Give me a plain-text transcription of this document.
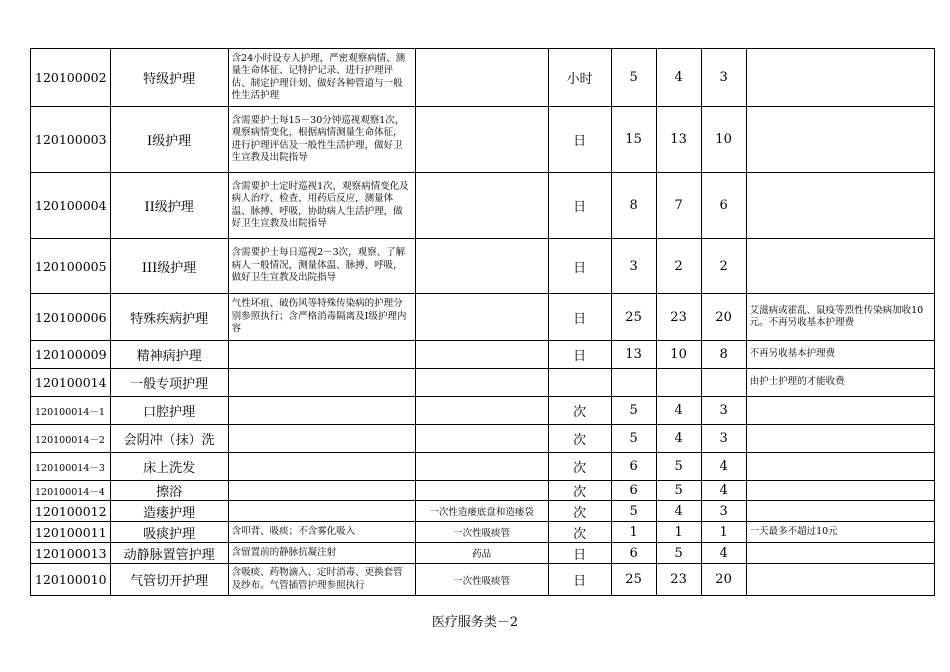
120100002	特级护理	含24小时设专人护理，严密观察病情、测量生命体征、记特护记录、进行护理评估、制定护理计划、做好各种管道与一般性生活护理		小时	5	4	3	
120100003	I级护理	含需要护士每15－30分钟巡视观察1次，观察病情变化，根据病情测量生命体征，进行护理评估及一般性生活护理，做好卫生宣教及出院指导		日	15	13	10	
120100004	II级护理	含需要护士定时巡视1次，观察病情变化及病人治疗、检查、用药后反应，测量体温、脉搏、呼吸，协助病人生活护理，做好卫生宣教及出院指导		日	8	7	6	
120100005	III级护理	含需要护士每日巡视2－3次，观察、了解病人一般情况，测量体温、脉搏、呼吸，做好卫生宣教及出院指导		日	3	2	2	
120100006	特殊疾病护理	气性坏疽、破伤风等特殊传染病的护理分别参照执行；含严格消毒隔离及I级护理内容		日	25	23	20	艾滋病或霍乱、鼠疫等烈性传染病加收10元。不再另收基本护理费
120100009	精神病护理			日	13	10	8	不再另收基本护理费
120100014	一般专项护理							由护士护理的才能收费
120100014－1	口腔护理			次	5	4	3	
120100014－2	会阴冲（抹）洗			次	5	4	3	
120100014－3	床上洗发			次	6	5	4	
120100014－4	擦浴			次	6	5	4	
120100012	造瘘护理		一次性造瘘底盘和造瘘袋	次	5	4	3	
120100011	吸痰护理	含叩背、吸痰；不含雾化吸入	一次性吸痰管	次	1	1	1	一天最多不超过10元
120100013	动静脉置管护理	含留置前的静脉抗凝注射	药品	日	6	5	4	
120100010	气管切开护理	含吸痰、药物滴入、定时消毒、更换套管及纱布。气管插管护理参照执行	一次性吸痰管	日	25	23	20	
医疗服务类－2
